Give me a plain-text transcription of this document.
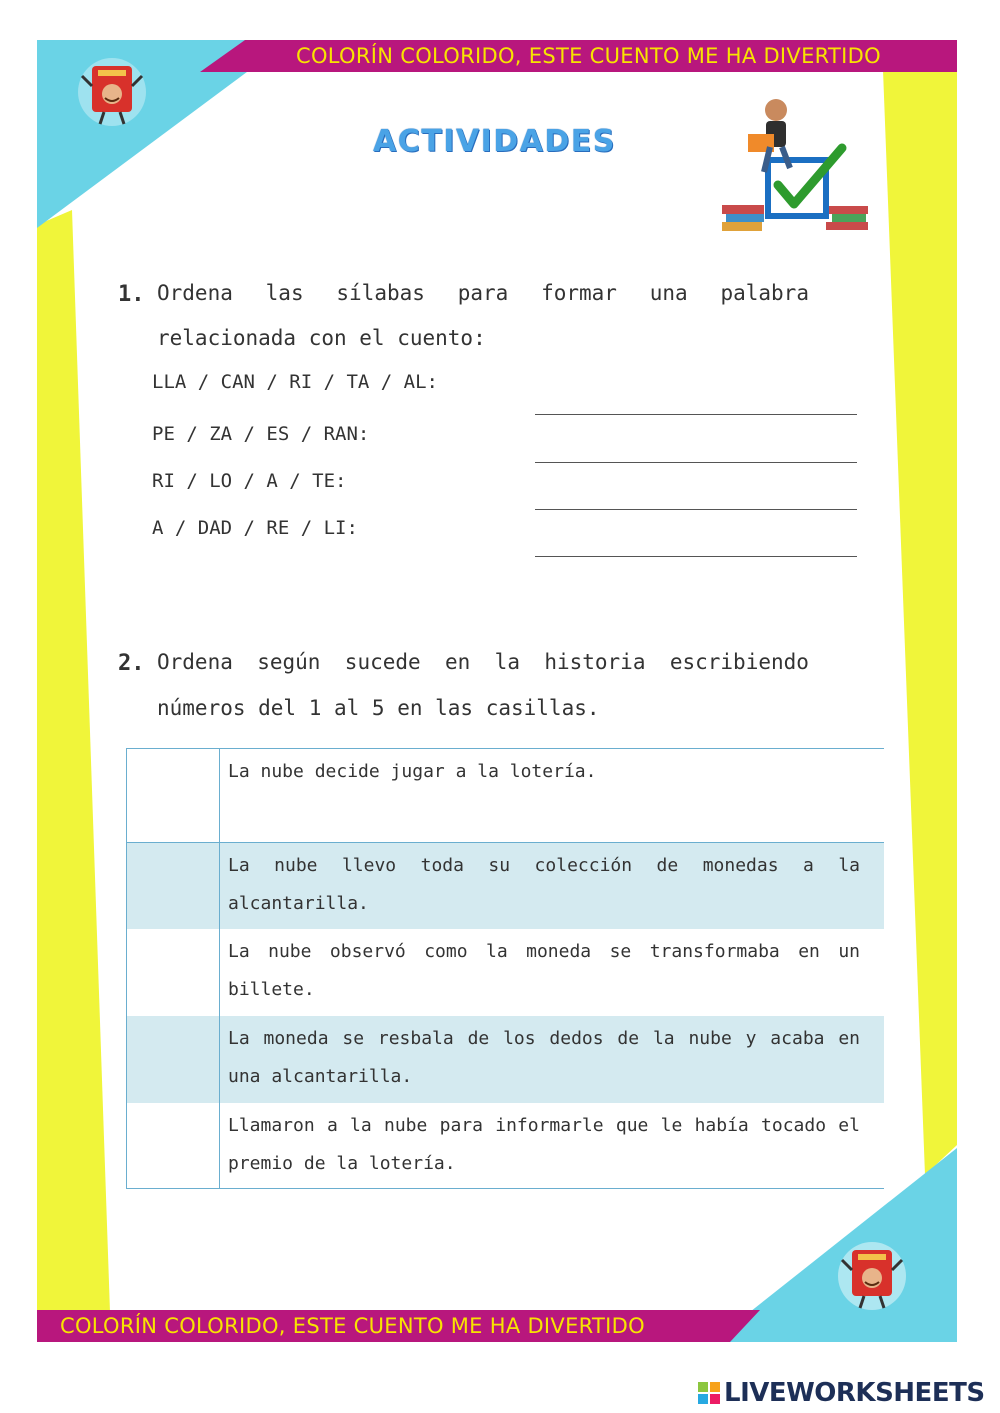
COLORÍN COLORIDO, ESTE CUENTO ME HA DIVERTIDO
COLORÍN COLORIDO, ESTE CUENTO ME HA DIVERTIDO
ACTIVIDADES
1. Ordena las sílabas para formar una palabra
relacionada con el cuento:
LLA / CAN / RI / TA / AL:
PE / ZA / ES / RAN:
RI / LO / A / TE:
A / DAD / RE / LI:
2. Ordena según sucede en la historia escribiendo
números del 1 al 5 en las casillas.
La nube decide jugar a la lotería.
La nube llevo toda su colección de monedas a la alcantarilla.
La nube observó como la moneda se transformaba en un billete.
La moneda se resbala de los dedos de la nube y acaba en una alcantarilla.
Llamaron a la nube para informarle que le había tocado el premio de la lotería.
LIVEWORKSHEETS
